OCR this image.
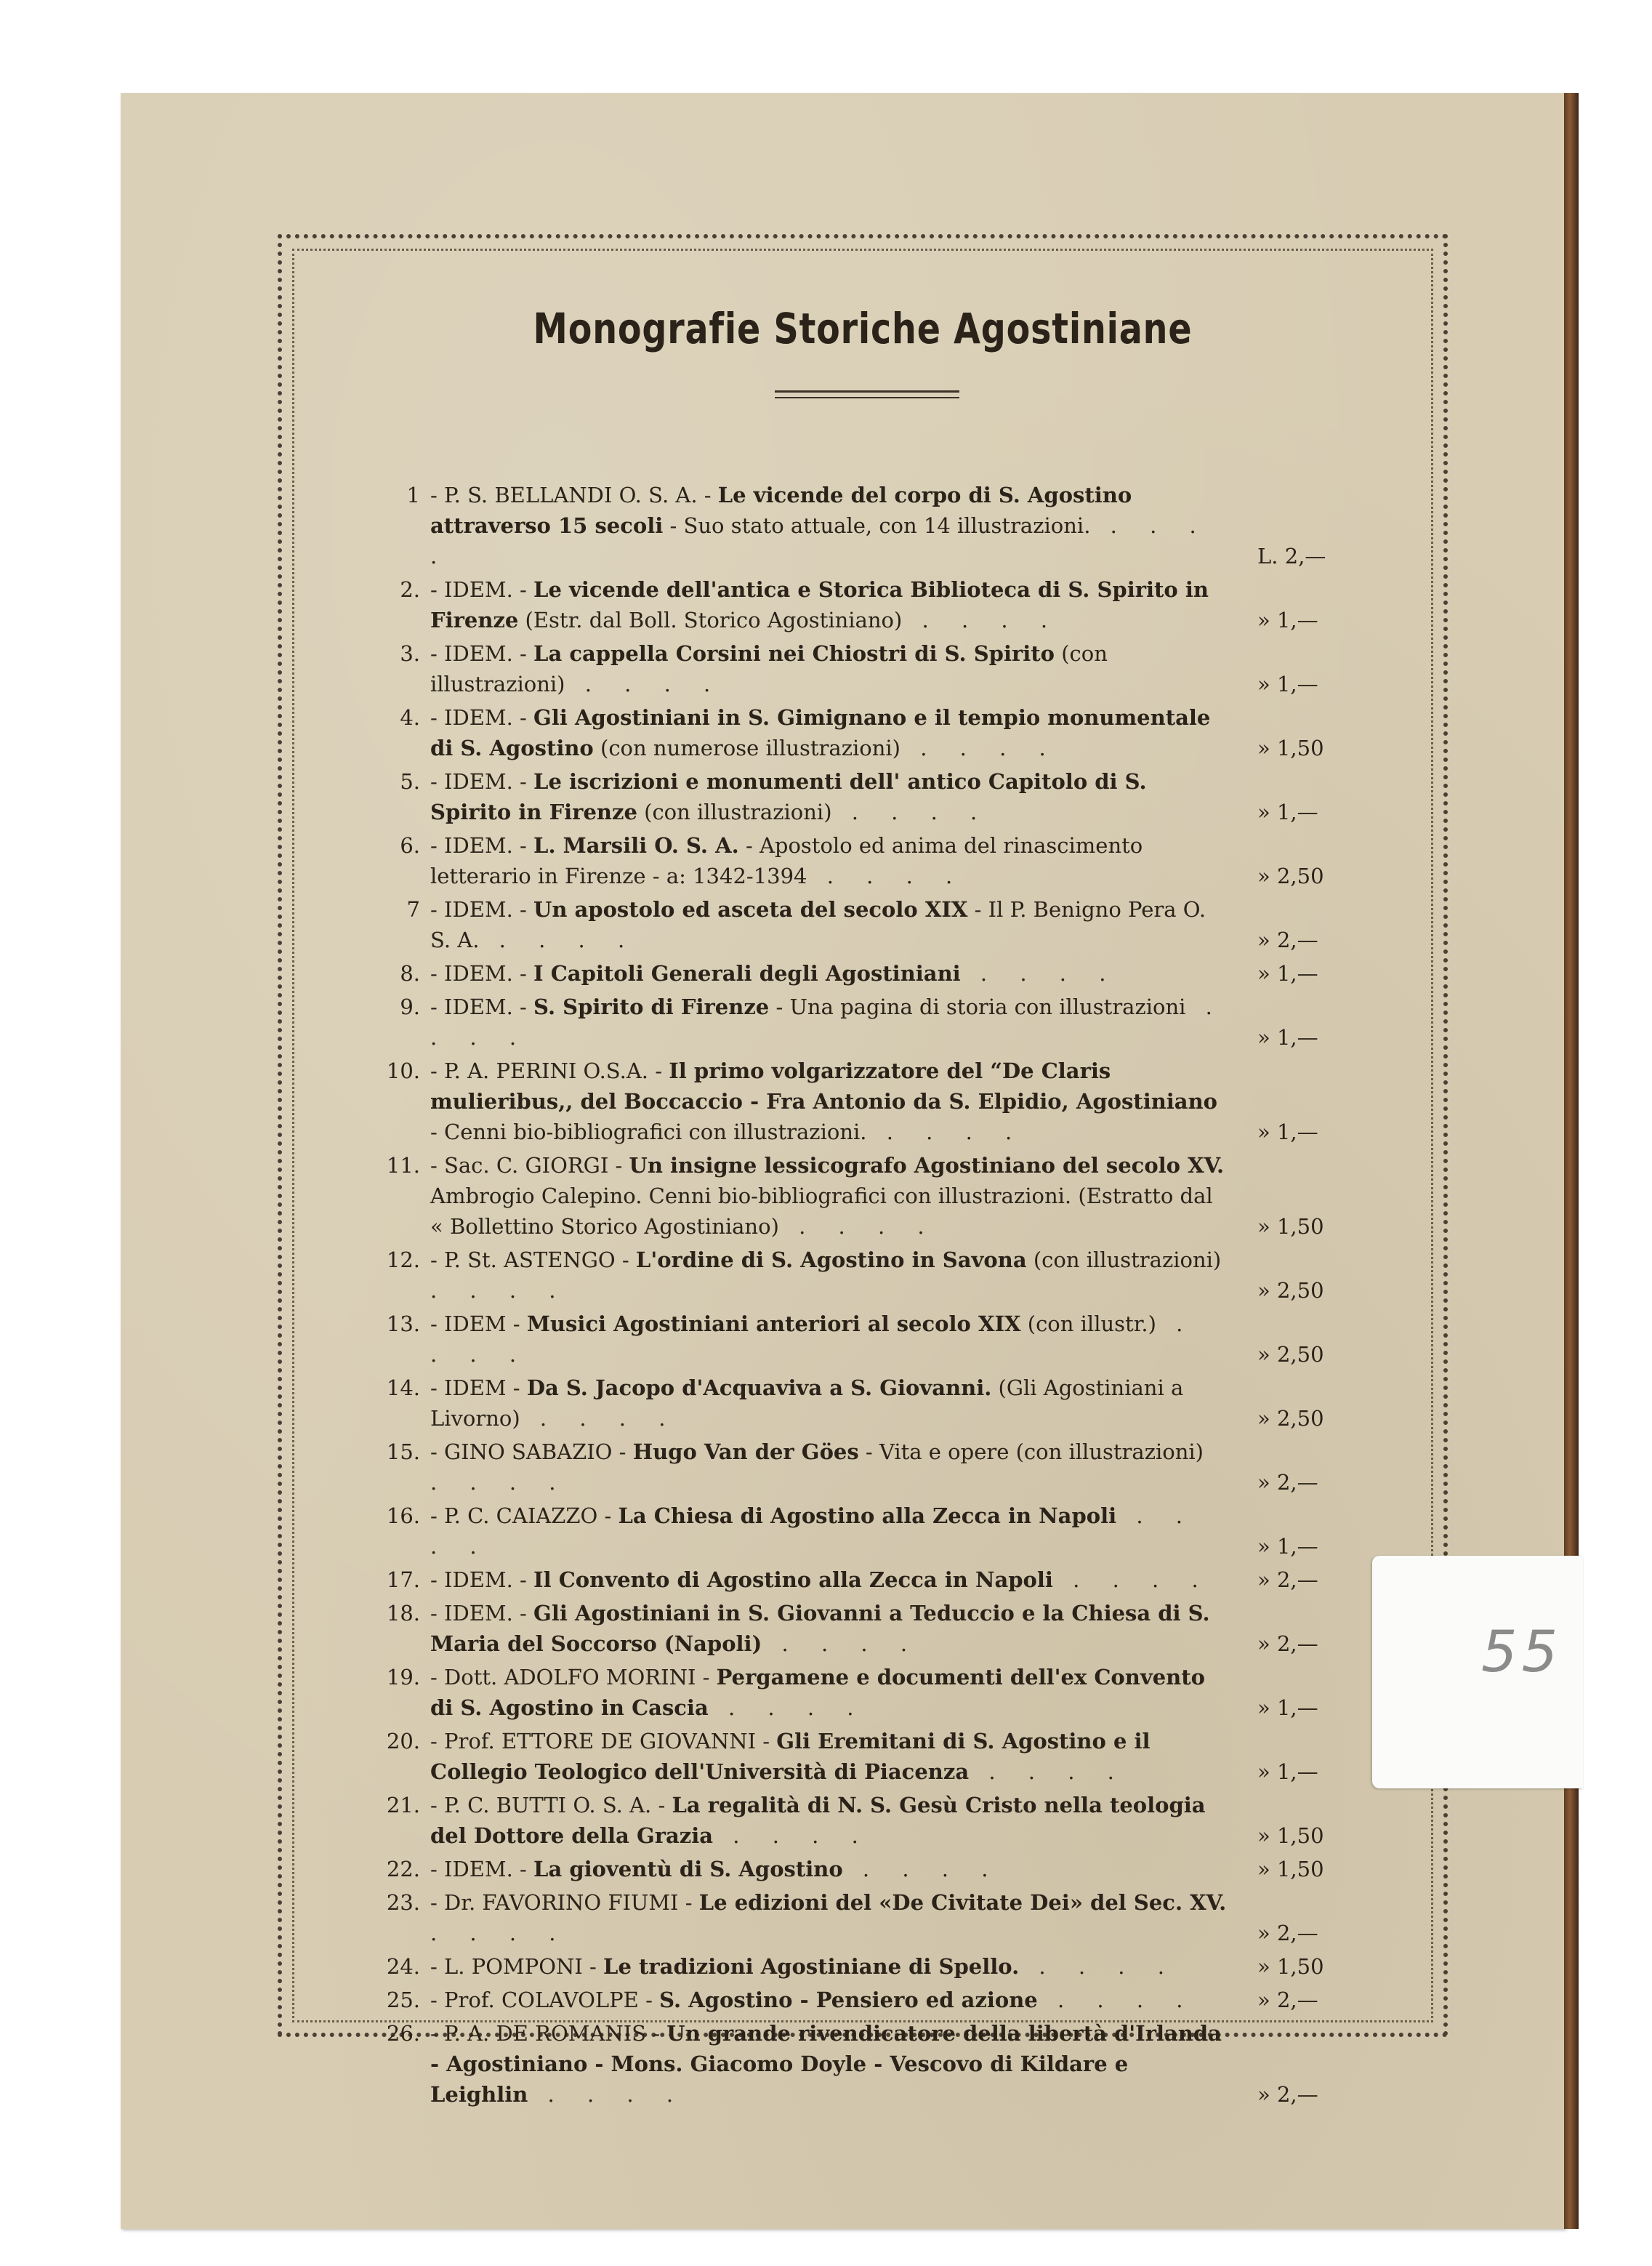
Monografie Storiche Agostiniane
1 - P. S. BELLANDI O. S. A. - Le vicende del corpo di S. Agostino attraverso 15 secoli - Suo stato attuale, con 14 illustrazioni. . . . .	L. 2,—
2. - IDEM. - Le vicende dell'antica e Storica Biblioteca di S. Spirito in Firenze (Estr. dal Boll. Storico Agostiniano) . . . .	» 1,—
3. - IDEM. - La cappella Corsini nei Chiostri di S. Spirito (con illustrazioni) . . . .	» 1,—
4. - IDEM. - Gli Agostiniani in S. Gimignano e il tempio monumentale di S. Agostino (con numerose illustrazioni) . . . .	» 1,50
5. - IDEM. - Le iscrizioni e monumenti dell' antico Capitolo di S. Spirito in Firenze (con illustrazioni) . . . .	» 1,—
6. - IDEM. - L. Marsili O. S. A. - Apostolo ed anima del rinascimento letterario in Firenze - a: 1342-1394 . . . .	» 2,50
7 - IDEM. - Un apostolo ed asceta del secolo XIX - Il P. Benigno Pera O. S. A. . . . .	» 2,—
8. - IDEM. - I Capitoli Generali degli Agostiniani . . . .	» 1,—
9. - IDEM. - S. Spirito di Firenze - Una pagina di storia con illustrazioni . . . .	» 1,—
10. - P. A. PERINI O.S.A. - Il primo volgarizzatore del “De Claris mulieribus,, del Boccaccio - Fra Antonio da S. Elpidio, Agostiniano - Cenni bio-bibliografici con illustrazioni. . . . .	» 1,—
11. - Sac. C. GIORGI - Un insigne lessicografo Agostiniano del secolo XV. Ambrogio Calepino. Cenni bio-bibliografici con illustrazioni. (Estratto dal « Bollettino Storico Agostiniano) . . . .	» 1,50
12. - P. St. ASTENGO - L'ordine di S. Agostino in Savona (con illustrazioni) . . . .	» 2,50
13. - IDEM - Musici Agostiniani anteriori al secolo XIX (con illustr.) . . . .	» 2,50
14. - IDEM - Da S. Jacopo d'Acquaviva a S. Giovanni. (Gli Agostiniani a Livorno) . . . .	» 2,50
15. - GINO SABAZIO - Hugo Van der Göes - Vita e opere (con illustrazioni) . . . .	» 2,—
16. - P. C. CAIAZZO - La Chiesa di Agostino alla Zecca in Napoli . . . .	» 1,—
17. - IDEM. - Il Convento di Agostino alla Zecca in Napoli . . . .	» 2,—
18. - IDEM. - Gli Agostiniani in S. Giovanni a Teduccio e la Chiesa di S. Maria del Soccorso (Napoli) . . . .	» 2,—
19. - Dott. ADOLFO MORINI - Pergamene e documenti dell'ex Convento di S. Agostino in Cascia . . . .	» 1,—
20. - Prof. ETTORE DE GIOVANNI - Gli Eremitani di S. Agostino e il Collegio Teologico dell'Università di Piacenza . . . .	» 1,—
21. - P. C. BUTTI O. S. A. - La regalità di N. S. Gesù Cristo nella teologia del Dottore della Grazia . . . .	» 1,50
22. - IDEM. - La gioventù di S. Agostino . . . .	» 1,50
23. - Dr. FAVORINO FIUMI - Le edizioni del «De Civitate Dei» del Sec. XV. . . . .	» 2,—
24. - L. POMPONI - Le tradizioni Agostiniane di Spello. . . . .	» 1,50
25. - Prof. COLAVOLPE - S. Agostino - Pensiero ed azione . . . .	» 2,—
26. - P. A. DE ROMANIS - Un grande rivendicatore della libertà d'Irlanda - Agostiniano - Mons. Giacomo Doyle - Vescovo di Kildare e Leighlin . . . .	» 2,—
55
